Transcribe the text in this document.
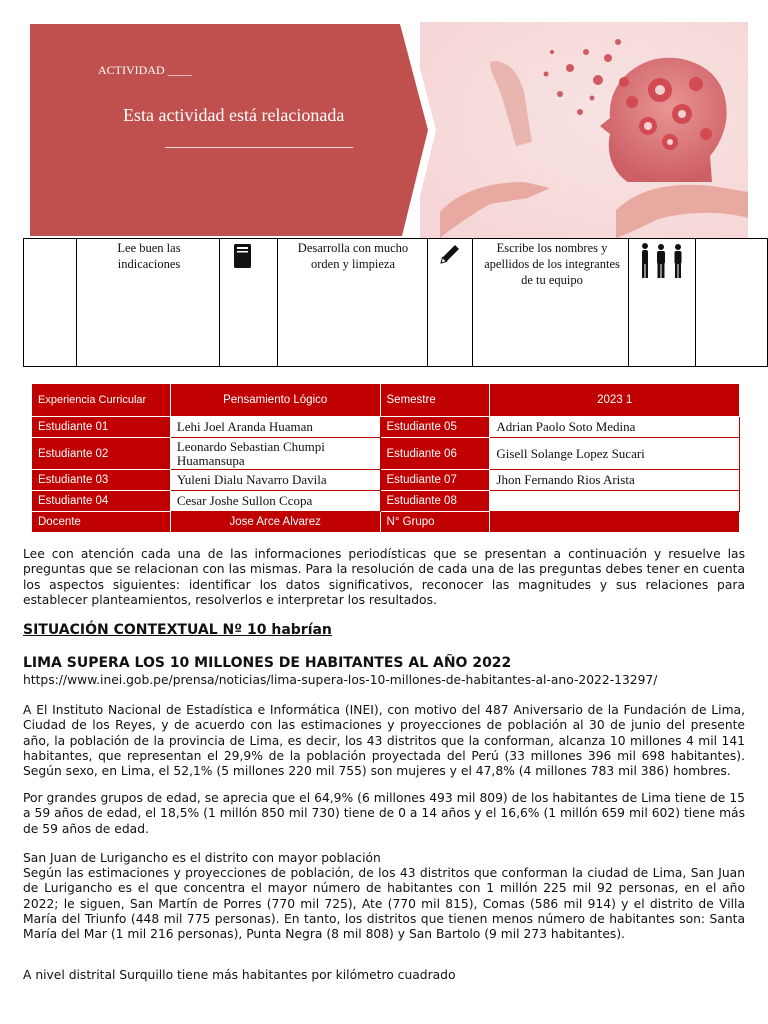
ACTIVIDAD ____
Esta actividad está relacionada
Lee buen las indicaciones
Desarrolla con mucho orden y limpieza
Escribe los nombres y apellidos de los integrantes de tu equipo
Experiencia Curricular	Pensamiento Lógico	Semestre	2023 1
Estudiante 01	Lehi Joel Aranda Huaman	Estudiante 05	Adrian Paolo Soto Medina
Estudiante 02	Leonardo Sebastian Chumpi Huamansupa	Estudiante 06	Gisell Solange Lopez Sucari
Estudiante 03	Yuleni Dialu Navarro Davila	Estudiante 07	Jhon Fernando Rios Arista
Estudiante 04	Cesar Joshe Sullon Ccopa	Estudiante 08	
Docente	Jose Arce Alvarez	N° Grupo	

Lee con atención cada una de las informaciones periodísticas que se presentan a continuación y resuelve las preguntas que se relacionan con las mismas. Para la resolución de cada una de las preguntas debes tener en cuenta los aspectos siguientes: identificar los datos significativos, reconocer las magnitudes y sus relaciones para establecer planteamientos, resolverlos e interpretar los resultados.

SITUACIÓN CONTEXTUAL Nº 10 habrían
LIMA SUPERA LOS 10 MILLONES DE HABITANTES AL AÑO 2022
https://www.inei.gob.pe/prensa/noticias/lima-supera-los-10-millones-de-habitantes-al-ano-2022-13297/

A El Instituto Nacional de Estadística e Informática (INEI), con motivo del 487 Aniversario de la Fundación de Lima, Ciudad de los Reyes, y de acuerdo con las estimaciones y proyecciones de población al 30 de junio del presente año, la población de la provincia de Lima, es decir, los 43 distritos que la conforman, alcanza 10 millones 4 mil 141 habitantes, que representan el 29,9% de la población proyectada del Perú (33 millones 396 mil 698 habitantes). Según sexo, en Lima, el 52,1% (5 millones 220 mil 755) son mujeres y el 47,8% (4 millones 783 mil 386) hombres.

Por grandes grupos de edad, se aprecia que el 64,9% (6 millones 493 mil 809) de los habitantes de Lima tiene de 15 a 59 años de edad, el 18,5% (1 millón 850 mil 730) tiene de 0 a 14 años y el 16,6% (1 millón 659 mil 602) tiene más de 59 años de edad.

San Juan de Lurigancho es el distrito con mayor población

Según las estimaciones y proyecciones de población, de los 43 distritos que conforman la ciudad de Lima, San Juan de Lurigancho es el que concentra el mayor número de habitantes con 1 millón 225 mil 92 personas, en el año 2022; le siguen, San Martín de Porres (770 mil 725), Ate (770 mil 815), Comas (586 mil 914) y el distrito de Villa María del Triunfo (448 mil 775 personas). En tanto, los distritos que tienen menos número de habitantes son: Santa María del Mar (1 mil 216 personas), Punta Negra (8 mil 808) y San Bartolo (9 mil 273 habitantes).

A nivel distrital Surquillo tiene más habitantes por kilómetro cuadrado
